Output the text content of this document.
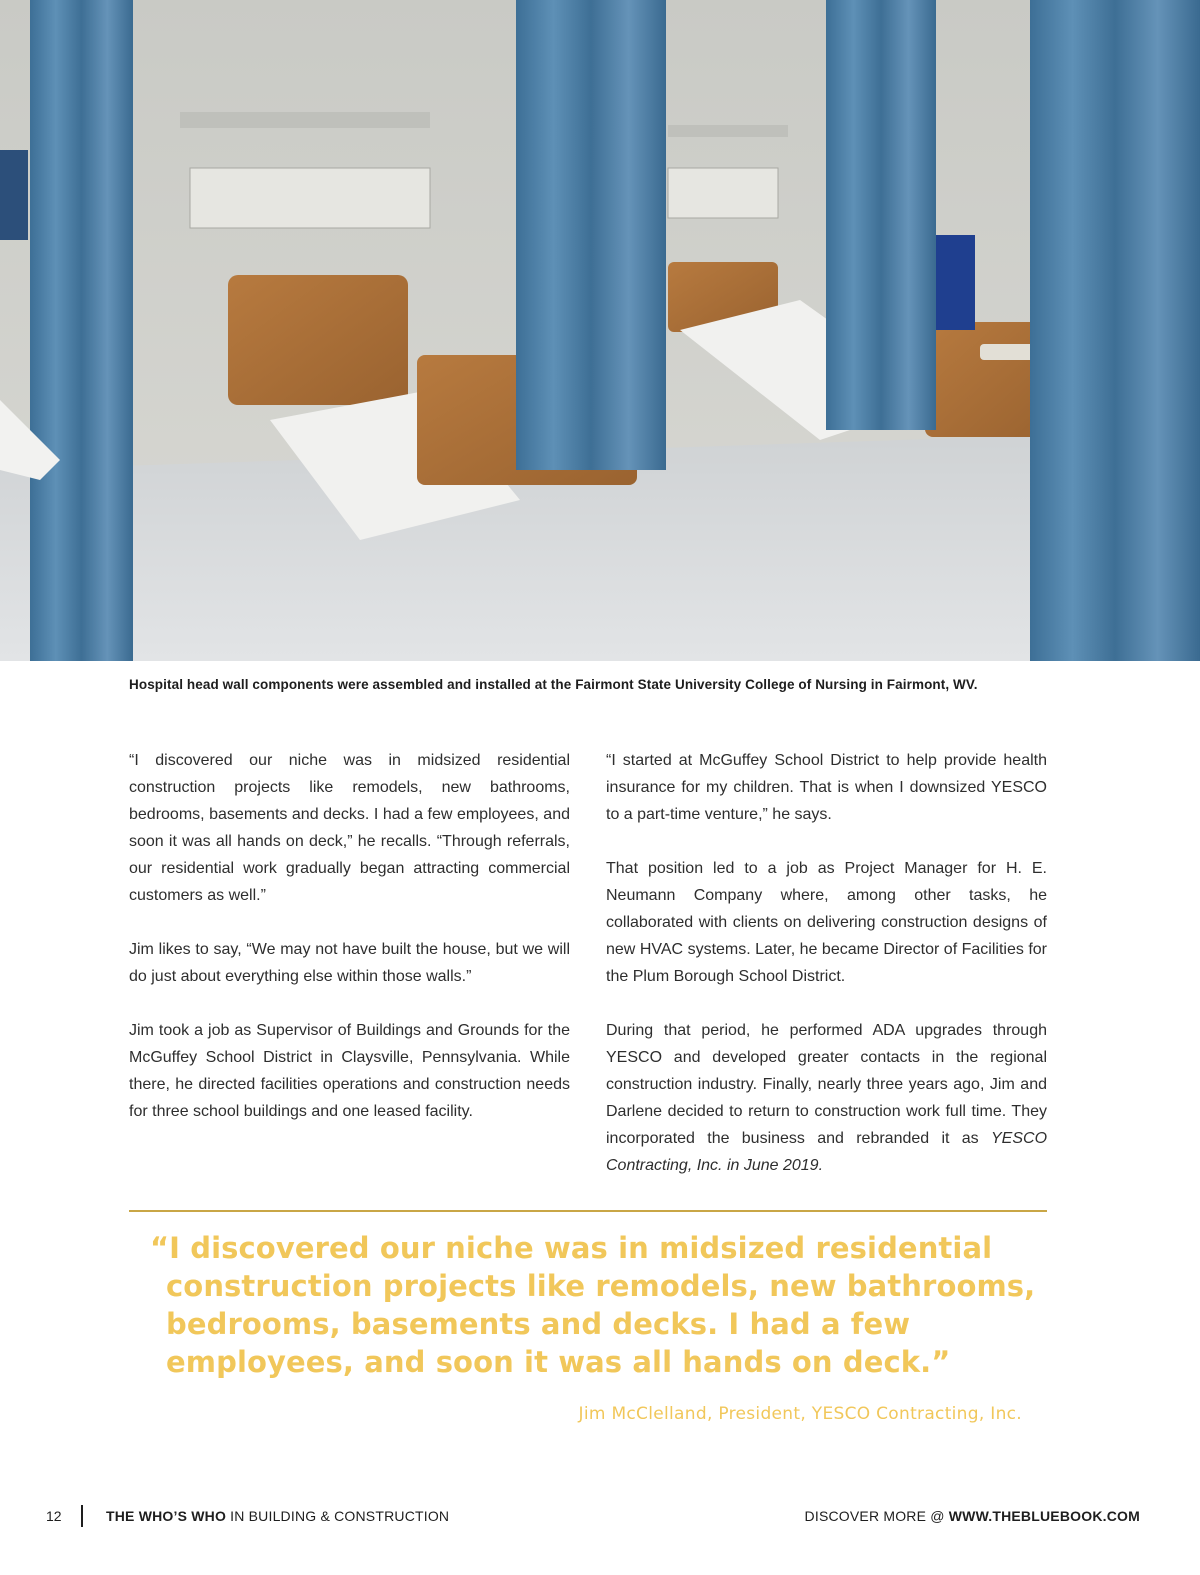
Hospital head wall components were assembled and installed at the Fairmont State University College of Nursing in Fairmont, WV.

“I discovered our niche was in midsized residential construction projects like remodels, new bathrooms, bedrooms, basements and decks. I had a few employees, and soon it was all hands on deck,” he recalls. “Through referrals, our residential work gradually began attracting commercial customers as well.”

Jim likes to say, “We may not have built the house, but we will do just about everything else within those walls.”

Jim took a job as Supervisor of Buildings and Grounds for the McGuffey School District in Claysville, Pennsylvania. While there, he directed facilities operations and construction needs for three school buildings and one leased facility.

“I started at McGuffey School District to help provide health insurance for my children. That is when I downsized YESCO to a part-time venture,” he says.

That position led to a job as Project Manager for H. E. Neumann Company where, among other tasks, he collaborated with clients on delivering construction designs of new HVAC systems. Later, he became Director of Facilities for the Plum Borough School District.

During that period, he performed ADA upgrades through YESCO and developed greater contacts in the regional construction industry. Finally, nearly three years ago, Jim and Darlene decided to return to construction work full time. They incorporated the business and rebranded it as YESCO Contracting, Inc. in June 2019.

“I discovered our niche was in midsized residential
construction projects like remodels, new bathrooms,
bedrooms, basements and decks. I had a few
employees, and soon it was all hands on deck.”
Jim McClelland, President, YESCO Contracting, Inc.
12	THE WHO’S WHO IN BUILDING & CONSTRUCTION	DISCOVER MORE @ WWW.THEBLUEBOOK.COM
